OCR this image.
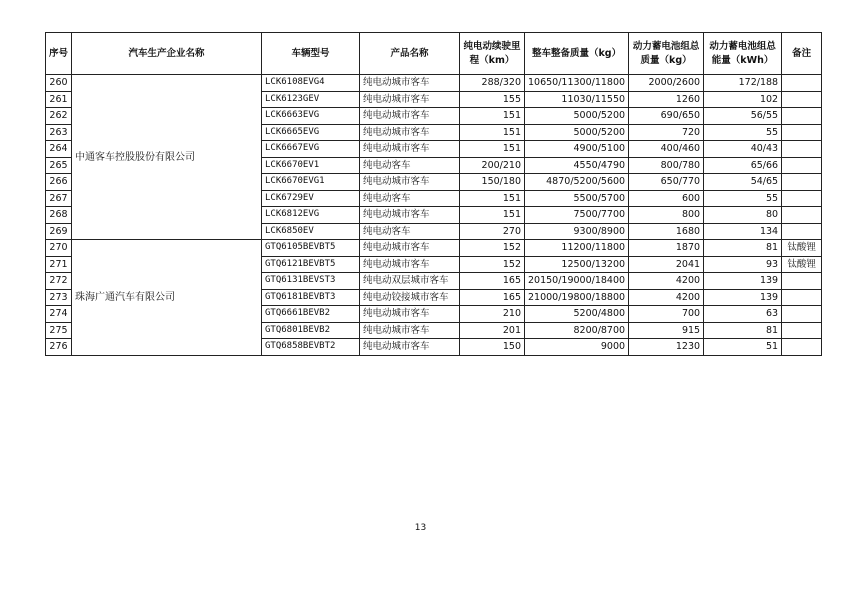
序号	汽车生产企业名称	车辆型号	产品名称	纯电动续驶里程（km）	整车整备质量（kg）	动力蓄电池组总质量（kg）	动力蓄电池组总能量（kWh）	备注
260	中通客车控股股份有限公司	LCK6108EVG4	纯电动城市客车	288/320	10650/11300/11800	2000/2600	172/188	
261		LCK6123GEV	纯电动城市客车	155	11030/11550	1260	102	
262		LCK6663EVG	纯电动城市客车	151	5000/5200	690/650	56/55	
263		LCK6665EVG	纯电动城市客车	151	5000/5200	720	55	
264		LCK6667EVG	纯电动城市客车	151	4900/5100	400/460	40/43	
265		LCK6670EV1	纯电动客车	200/210	4550/4790	800/780	65/66	
266		LCK6670EVG1	纯电动城市客车	150/180	4870/5200/5600	650/770	54/65	
267		LCK6729EV	纯电动客车	151	5500/5700	600	55	
268		LCK6812EVG	纯电动城市客车	151	7500/7700	800	80	
269		LCK6850EV	纯电动客车	270	9300/8900	1680	134	
270	珠海广通汽车有限公司	GTQ6105BEVBT5	纯电动城市客车	152	11200/11800	1870	81	钛酸锂
271		GTQ6121BEVBT5	纯电动城市客车	152	12500/13200	2041	93	钛酸锂
272		GTQ6131BEVST3	纯电动双层城市客车	165	20150/19000/18400	4200	139	
273		GTQ6181BEVBT3	纯电动铰接城市客车	165	21000/19800/18800	4200	139	
274		GTQ6661BEVB2	纯电动城市客车	210	5200/4800	700	63	
275		GTQ6801BEVB2	纯电动城市客车	201	8200/8700	915	81	
276		GTQ6858BEVBT2	纯电动城市客车	150	9000	1230	51	
13
